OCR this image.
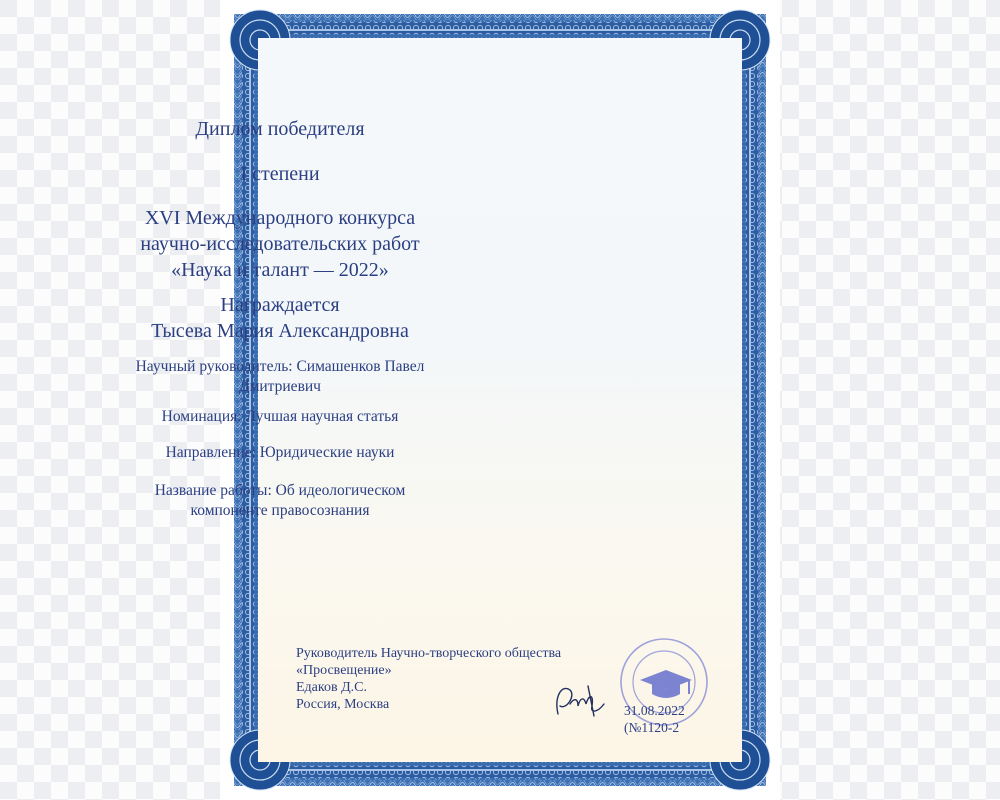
Диплом победителя
I степени
XVI Международного конкурса
научно-исследовательских работ
«Наука и талант — 2022»
Награждается
Тысева Мария Александровна
Научный руководитель: Симашенков Павел
Дмитриевич
Номинация: Лучшая научная статья
Направление: Юридические науки
Название работы: Об идеологическом
компоненте правосознания
Руководитель Научно-творческого общества
«Просвещение»
Едаков Д.С.
Россия, Москва	31.08.2022
(№1120-2
